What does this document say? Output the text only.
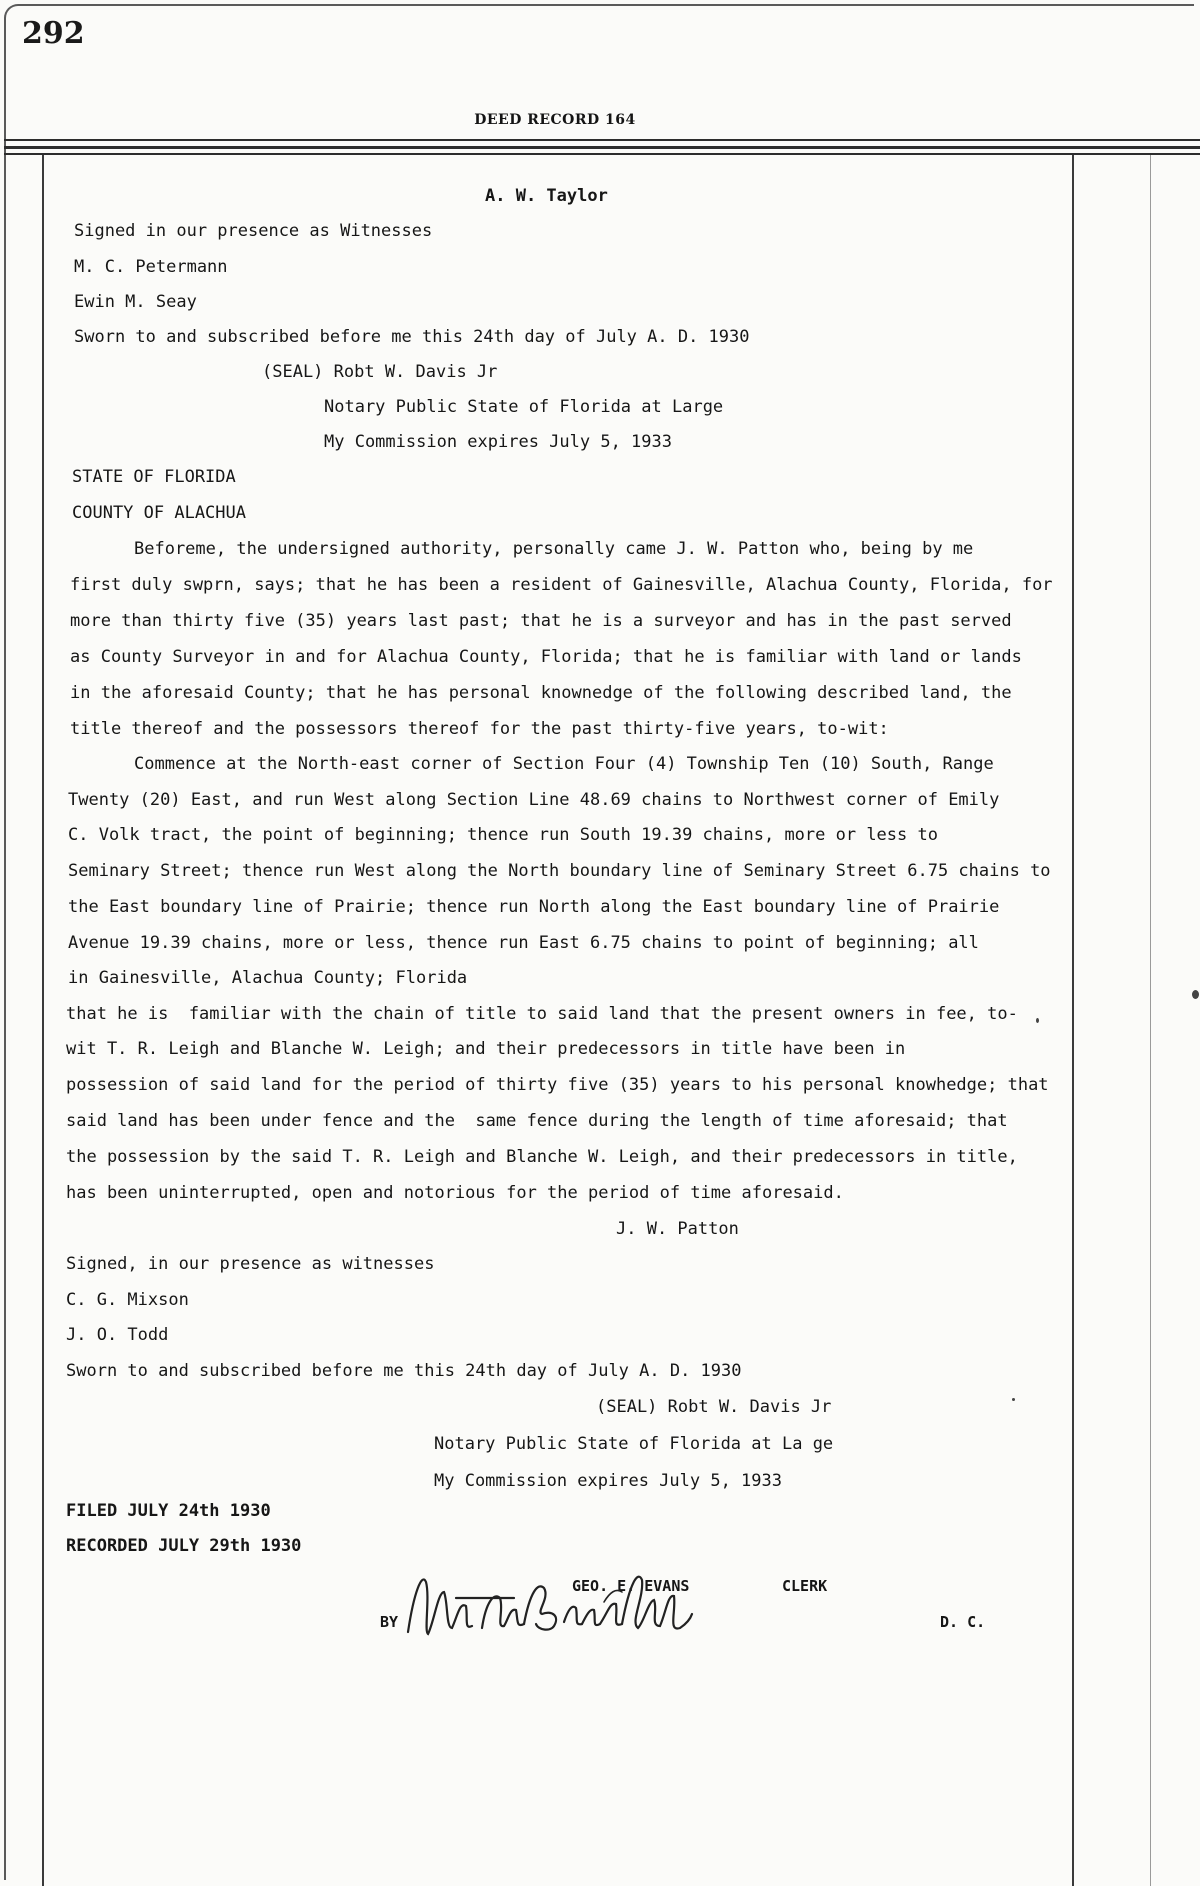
292
DEED RECORD 164
A. W. Taylor
Signed in our presence as Witnesses
M. C. Petermann
Ewin M. Seay
Sworn to and subscribed before me this 24th day of July A. D. 1930
(SEAL) Robt W. Davis Jr
Notary Public State of Florida at Large
My Commission expires July 5, 1933
STATE OF FLORIDA
COUNTY OF ALACHUA
Beforeme, the undersigned authority, personally came J. W. Patton who, being by me
first duly swprn, says; that he has been a resident of Gainesville, Alachua County, Florida, for
more than thirty five (35) years last past; that he is a surveyor and has in the past served
as County Surveyor in and for Alachua County, Florida; that he is familiar with land or lands
in the aforesaid County; that he has personal knownedge of the following described land, the
title thereof and the possessors thereof for the past thirty-five years, to-wit:
Commence at the North-east corner of Section Four (4) Township Ten (10) South, Range
Twenty (20) East, and run West along Section Line 48.69 chains to Northwest corner of Emily
C. Volk tract, the point of beginning; thence run South 19.39 chains, more or less to
Seminary Street; thence run West along the North boundary line of Seminary Street 6.75 chains to
the East boundary line of Prairie; thence run North along the East boundary line of Prairie
Avenue 19.39 chains, more or less, thence run East 6.75 chains to point of beginning; all
in Gainesville, Alachua County; Florida
that he is  familiar with the chain of title to said land that the present owners in fee, to-
wit T. R. Leigh and Blanche W. Leigh; and their predecessors in title have been in
possession of said land for the period of thirty five (35) years to his personal knowhedge; that
said land has been under fence and the  same fence during the length of time aforesaid; that
the possession by the said T. R. Leigh and Blanche W. Leigh, and their predecessors in title,
has been uninterrupted, open and notorious for the period of time aforesaid.
J. W. Patton
Signed, in our presence as witnesses
C. G. Mixson
J. O. Todd
Sworn to and subscribed before me this 24th day of July A. D. 1930
(SEAL) Robt W. Davis Jr
Notary Public State of Florida at La ge
My Commission expires July 5, 1933
FILED JULY 24th 1930
RECORDED JULY 29th 1930
GEO. E. EVANS	CLERK
BY	D. C.
